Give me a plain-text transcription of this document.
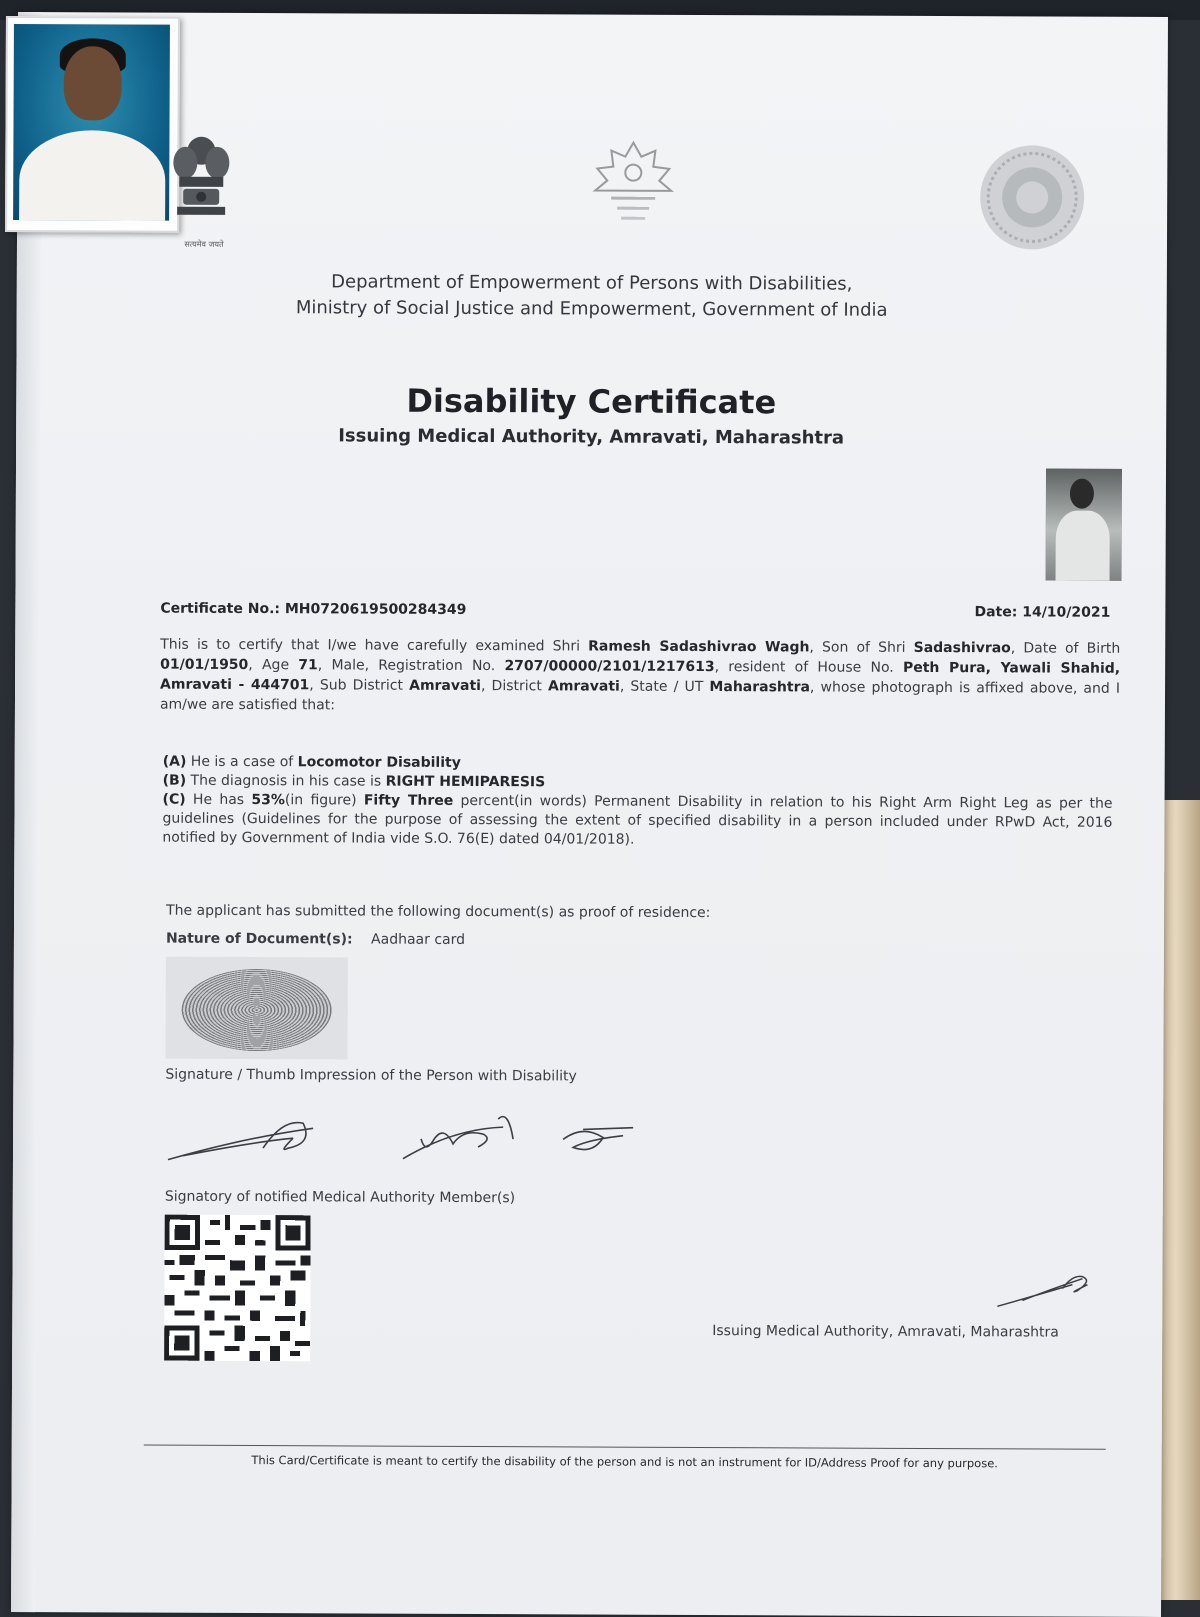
सत्यमेव जयते
Department of Empowerment of Persons with Disabilities,
Ministry of Social Justice and Empowerment, Government of India
Disability Certificate
Issuing Medical Authority, Amravati, Maharashtra
Certificate No.: MH0720619500284349	Date: 14/10/2021
This is to certify that I/we have carefully examined Shri Ramesh Sadashivrao Wagh, Son of Shri Sadashivrao, Date of Birth 01/01/1950, Age 71, Male, Registration No. 2707/00000/2101/1217613, resident of House No. Peth Pura, Yawali Shahid, Amravati - 444701, Sub District Amravati, District Amravati, State / UT Maharashtra, whose photograph is affixed above, and I am/we are satisfied that:
(A) He is a case of Locomotor Disability
(B) The diagnosis in his case is RIGHT HEMIPARESIS
(C) He has 53%(in figure) Fifty Three percent(in words) Permanent Disability in relation to his Right Arm Right Leg as per the guidelines (Guidelines for the purpose of assessing the extent of specified disability in a person included under RPwD Act, 2016 notified by Government of India vide S.O. 76(E) dated 04/01/2018).
The applicant has submitted the following document(s) as proof of residence:
Nature of Document(s): Aadhaar card
Signature / Thumb Impression of the Person with Disability
Signatory of notified Medical Authority Member(s)
Issuing Medical Authority, Amravati, Maharashtra
This Card/Certificate is meant to certify the disability of the person and is not an instrument for ID/Address Proof for any purpose.
